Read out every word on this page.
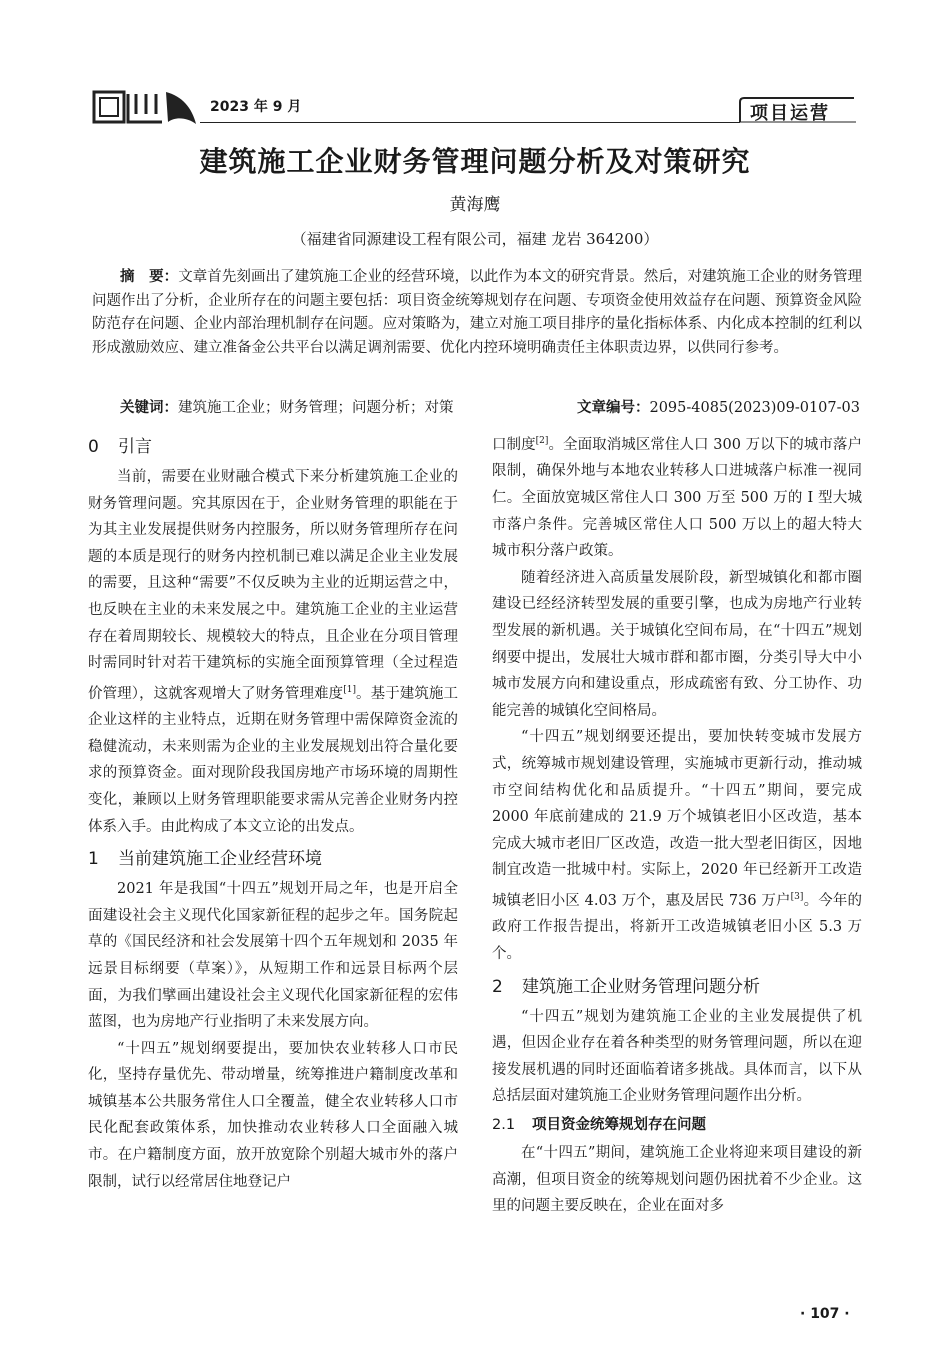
2023 年 9 月	项目运营
建筑施工企业财务管理问题分析及对策研究
黄海鹰
（福建省同源建设工程有限公司，福建 龙岩 364200）
摘　要：文章首先刻画出了建筑施工企业的经营环境，以此作为本文的研究背景。然后，对建筑施工企业的财务管理问题作出了分析，企业所存在的问题主要包括：项目资金统筹规划存在问题、专项资金使用效益存在问题、预算资金风险防范存在问题、企业内部治理机制存在问题。应对策略为，建立对施工项目排序的量化指标体系、内化成本控制的红利以形成激励效应、建立准备金公共平台以满足调剂需要、优化内控环境明确责任主体职责边界，以供同行参考。
关键词：建筑施工企业；财务管理；问题分析；对策	文章编号：2095-4085(2023)09-0107-03
0 引言

当前，需要在业财融合模式下来分析建筑施工企业的财务管理问题。究其原因在于，企业财务管理的职能在于为其主业发展提供财务内控服务，所以财务管理所存在问题的本质是现行的财务内控机制已难以满足企业主业发展的需要，且这种“需要”不仅反映为主业的近期运营之中，也反映在主业的未来发展之中。建筑施工企业的主业运营存在着周期较长、规模较大的特点，且企业在分项目管理时需同时针对若干建筑标的实施全面预算管理（全过程造价管理），这就客观增大了财务管理难度[1]。基于建筑施工企业这样的主业特点，近期在财务管理中需保障资金流的稳健流动，未来则需为企业的主业发展规划出符合量化要求的预算资金。面对现阶段我国房地产市场环境的周期性变化，兼顾以上财务管理职能要求需从完善企业财务内控体系入手。由此构成了本文立论的出发点。

1 当前建筑施工企业经营环境

2021 年是我国“十四五”规划开局之年，也是开启全面建设社会主义现代化国家新征程的起步之年。国务院起草的《国民经济和社会发展第十四个五年规划和 2035 年远景目标纲要（草案）》，从短期工作和远景目标两个层面，为我们擘画出建设社会主义现代化国家新征程的宏伟蓝图，也为房地产行业指明了未来发展方向。

“十四五”规划纲要提出，要加快农业转移人口市民化，坚持存量优先、带动增量，统筹推进户籍制度改革和城镇基本公共服务常住人口全覆盖，健全农业转移人口市民化配套政策体系，加快推动农业转移人口全面融入城市。在户籍制度方面，放开放宽除个别超大城市外的落户限制，试行以经常居住地登记户

口制度[2]。全面取消城区常住人口 300 万以下的城市落户限制，确保外地与本地农业转移人口进城落户标准一视同仁。全面放宽城区常住人口 300 万至 500 万的 I 型大城市落户条件。完善城区常住人口 500 万以上的超大特大城市积分落户政策。

随着经济进入高质量发展阶段，新型城镇化和都市圈建设已经经济转型发展的重要引擎，也成为房地产行业转型发展的新机遇。关于城镇化空间布局，在“十四五”规划纲要中提出，发展壮大城市群和都市圈，分类引导大中小城市发展方向和建设重点，形成疏密有致、分工协作、功能完善的城镇化空间格局。

“十四五”规划纲要还提出，要加快转变城市发展方式，统筹城市规划建设管理，实施城市更新行动，推动城市空间结构优化和品质提升。“十四五”期间，要完成 2000 年底前建成的 21.9 万个城镇老旧小区改造，基本完成大城市老旧厂区改造，改造一批大型老旧街区，因地制宜改造一批城中村。实际上，2020 年已经新开工改造城镇老旧小区 4.03 万个，惠及居民 736 万户[3]。今年的政府工作报告提出，将新开工改造城镇老旧小区 5.3 万个。

2 建筑施工企业财务管理问题分析

“十四五”规划为建筑施工企业的主业发展提供了机遇，但因企业存在着各种类型的财务管理问题，所以在迎接发展机遇的同时还面临着诸多挑战。具体而言，以下从总括层面对建筑施工企业财务管理问题作出分析。

2.1 项目资金统筹规划存在问题

在“十四五”期间，建筑施工企业将迎来项目建设的新高潮，但项目资金的统筹规划问题仍困扰着不少企业。这里的问题主要反映在，企业在面对多

· 107 ·
